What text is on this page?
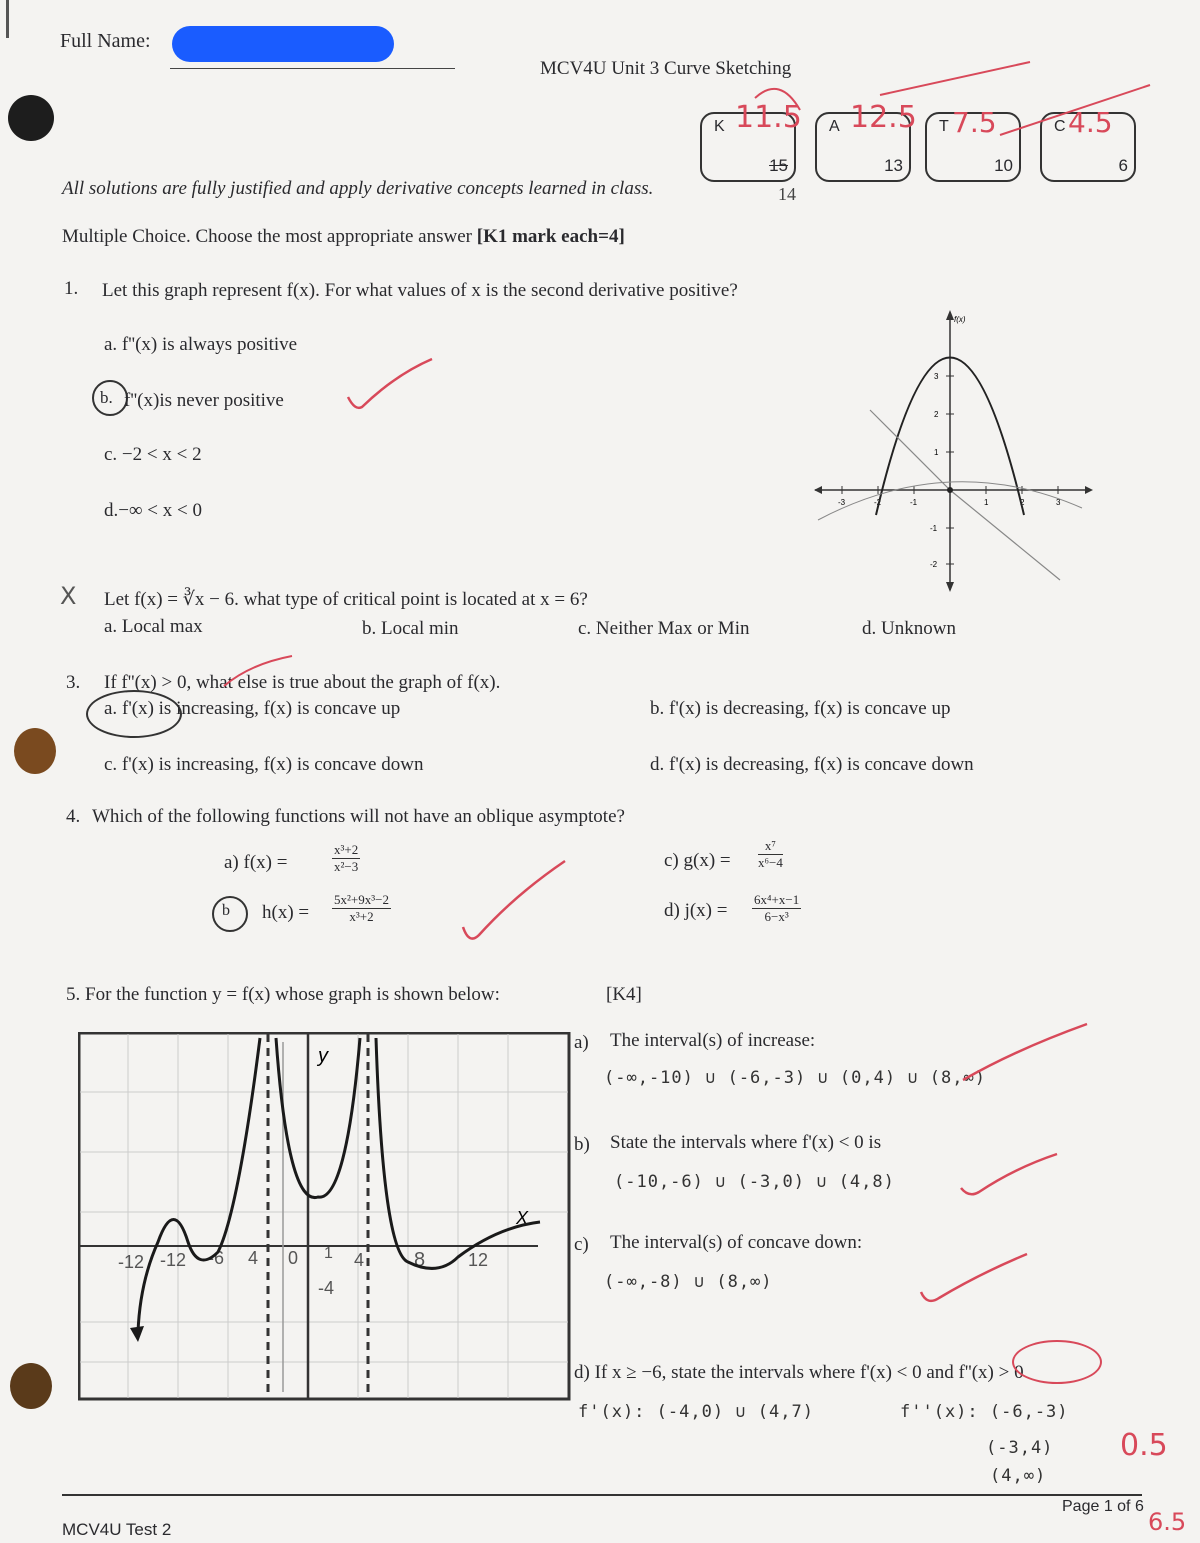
Full Name:
MCV4U Unit 3 Curve Sketching
K
15
A
13
T
10
C
6
11.5 12.5 7.5	4.5
14
All solutions are fully justified and apply derivative concepts learned in class.
Multiple Choice. Choose the most appropriate answer [K1 mark each=4]
1. Let this graph represent f(x). For what values of x is the second derivative positive?
a. f''(x) is always positive
b. f''(x)is never positive
c. −2 < x < 2
d.−∞ < x < 0	-3	-2	-1	1	2	3
3
2
1
-1
-2
f(x)
X Let f(x) = ∛x − 6. what type of critical point is located at x = 6?
a. Local max	b. Local min	c. Neither Max or Min	d. Unknown
3. If f''(x) > 0, what else is true about the graph of f(x).
a. f'(x) is increasing, f(x) is concave up	b. f'(x) is decreasing, f(x) is concave up
c. f'(x) is increasing, f(x) is concave down	d. f'(x) is decreasing, f(x) is concave down
4. Which of the following functions will not have an oblique asymptote?
a) f(x) =	$\frac{\text{x³+2}}{\text{x²−3}}$
b $h(x) = \frac{\text{5x²+9x³−2}}{\text{x³+2}}$
c) $g(x) = \frac{\text{x⁷}}{\text{x⁶−4}}$
d) $j(x) = \frac{\text{6x⁴+x−1}}{\text{6−x³}}$
5. For the function y = f(x) whose graph is shown below:	[K4]
y
X
-12 -12 -6 4 0 1 4 8 12
-4
a) The interval(s) of increase:
(-∞,-10) ∪ (-6,-3) ∪ (0,4) ∪ (8,∞)
b) State the intervals where f'(x) < 0 is
(-10,-6) ∪ (-3,0) ∪ (4,8)
c) The interval(s) of concave down:
(-∞,-8) ∪ (8,∞)
d) If x ≥ −6, state the intervals where f'(x) < 0 and f''(x) > 0
f'(x): (-4,0) ∪ (4,7)	f''(x): (-6,-3)
(-3,4)
(4,∞)
0.5
MCV4U Test 2
Page 1 of 6
6.5
